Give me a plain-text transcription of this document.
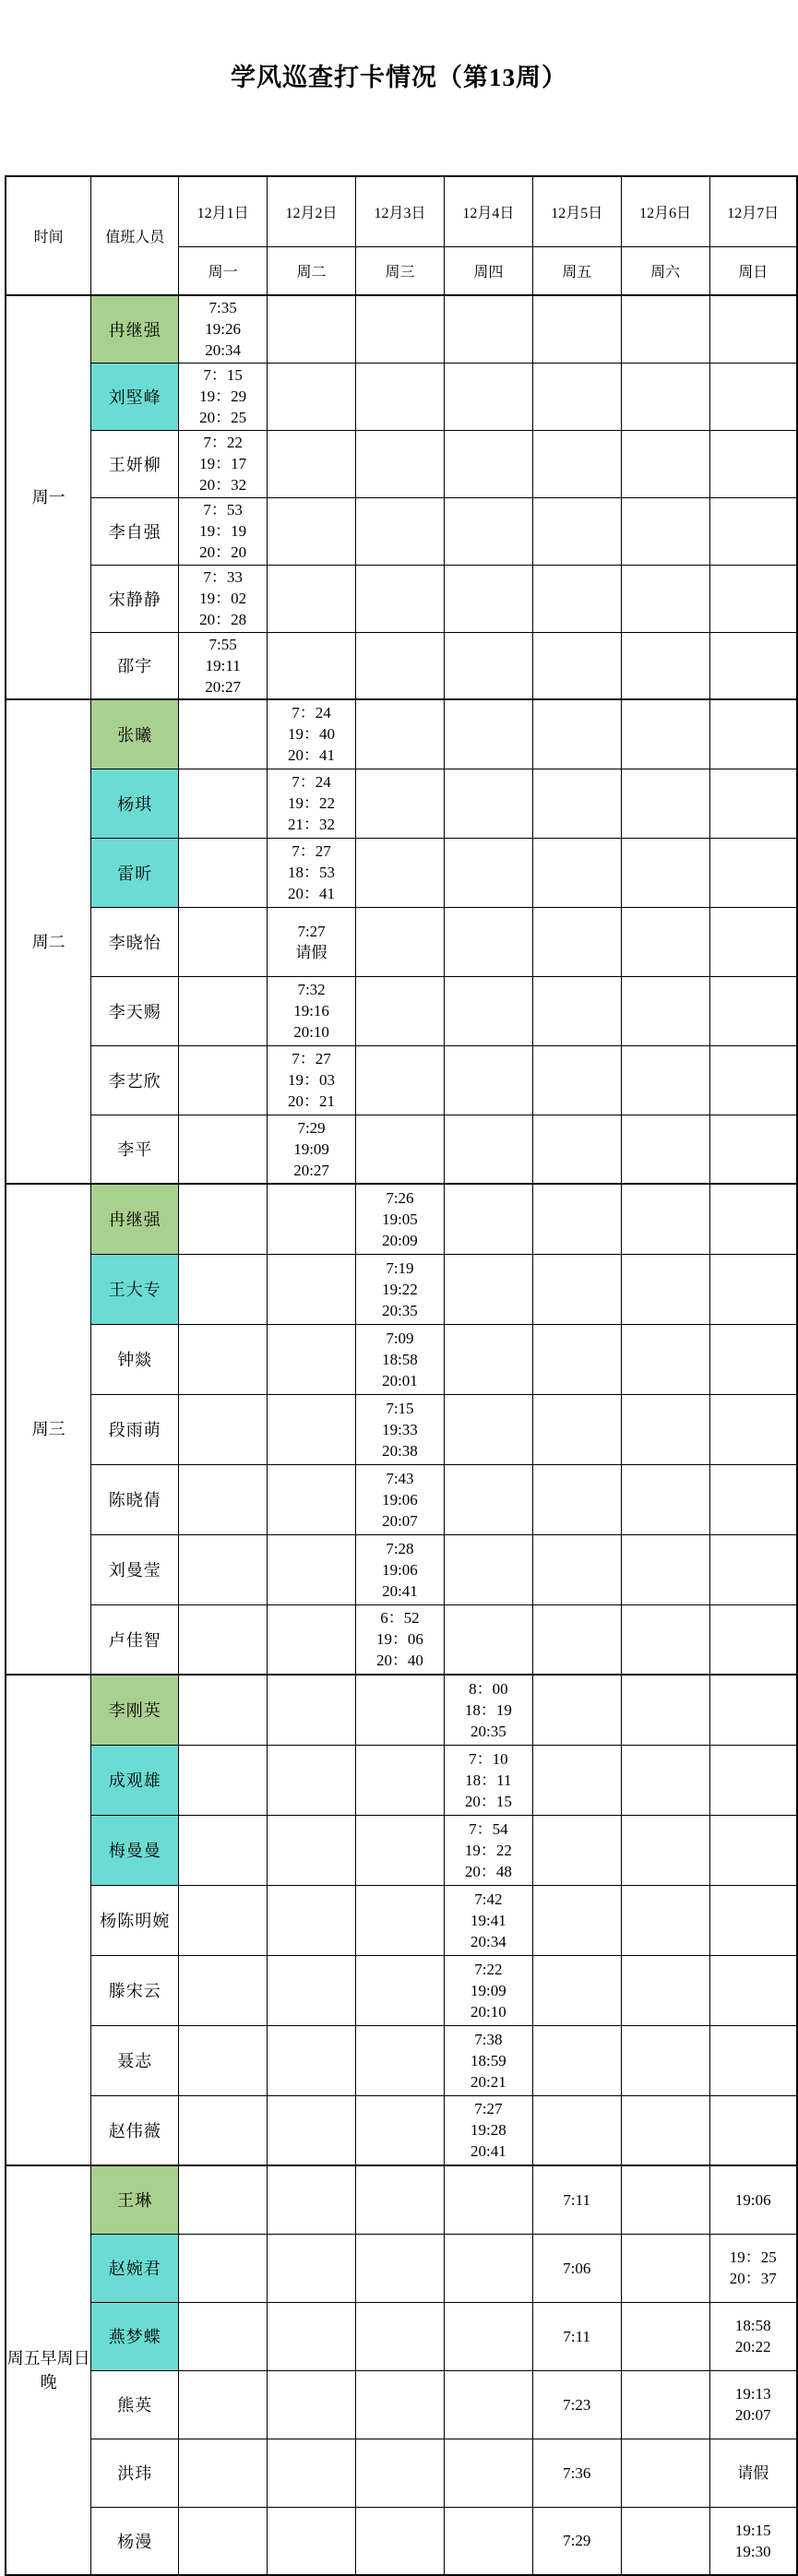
学风巡查打卡情况（第13周）
时间	值班人员	12月1日	12月2日	12月3日	12月4日	12月5日	12月6日	12月7日
		周一	周二	周三	周四	周五	周六	周日
周一	冉继强	7:35
19:26
20:34						

	刘堅峰	7：15
19：29
20：25						

	王妍柳	7：22
19：17
20：32						

	李自强	7：53
19：19
20：20						

	宋静静	7：33
19：02
20：28						

	邵宇	7:55
19:11
20:27						

周二	张曦		7：24
19：40
20：41					

	杨琪		7：24
19：22
21：32					

	雷昕		7：27
18：53
20：41					

	李晓怡		7:27
请假					

	李天赐		7:32
19:16
20:10					

	李艺欣		7：27
19：03
20：21					

	李平		7:29
19:09
20:27					

周三	冉继强			7:26
19:05
20:09				

	王大专			7:19
19:22
20:35				

	钟燚			7:09
18:58
20:01				

	段雨萌			7:15
19:33
20:38				

	陈晓倩			7:43
19:06
20:07				

	刘曼莹			7:28
19:06
20:41				

	卢佳智			6：52
19：06
20：40				

	李刚英				8：00
18：19
20:35			

	成观雄				7：10
18：11
20：15			

	梅曼曼				7：54
19：22
20：48			

	杨陈明婉				7:42
19:41
20:34			

	滕宋云				7:22
19:09
20:10			

	聂志				7:38
18:59
20:21			

	赵伟薇				7:27
19:28
20:41			

周五早周日晚	王琳					7:11		19:06

	赵婉君					7:06		19：25
20：37

	燕梦蝶					7:11		18:58
20:22

	熊英					7:23		19:13
20:07

	洪玮					7:36		请假

	杨漫					7:29		19:15
19:30
